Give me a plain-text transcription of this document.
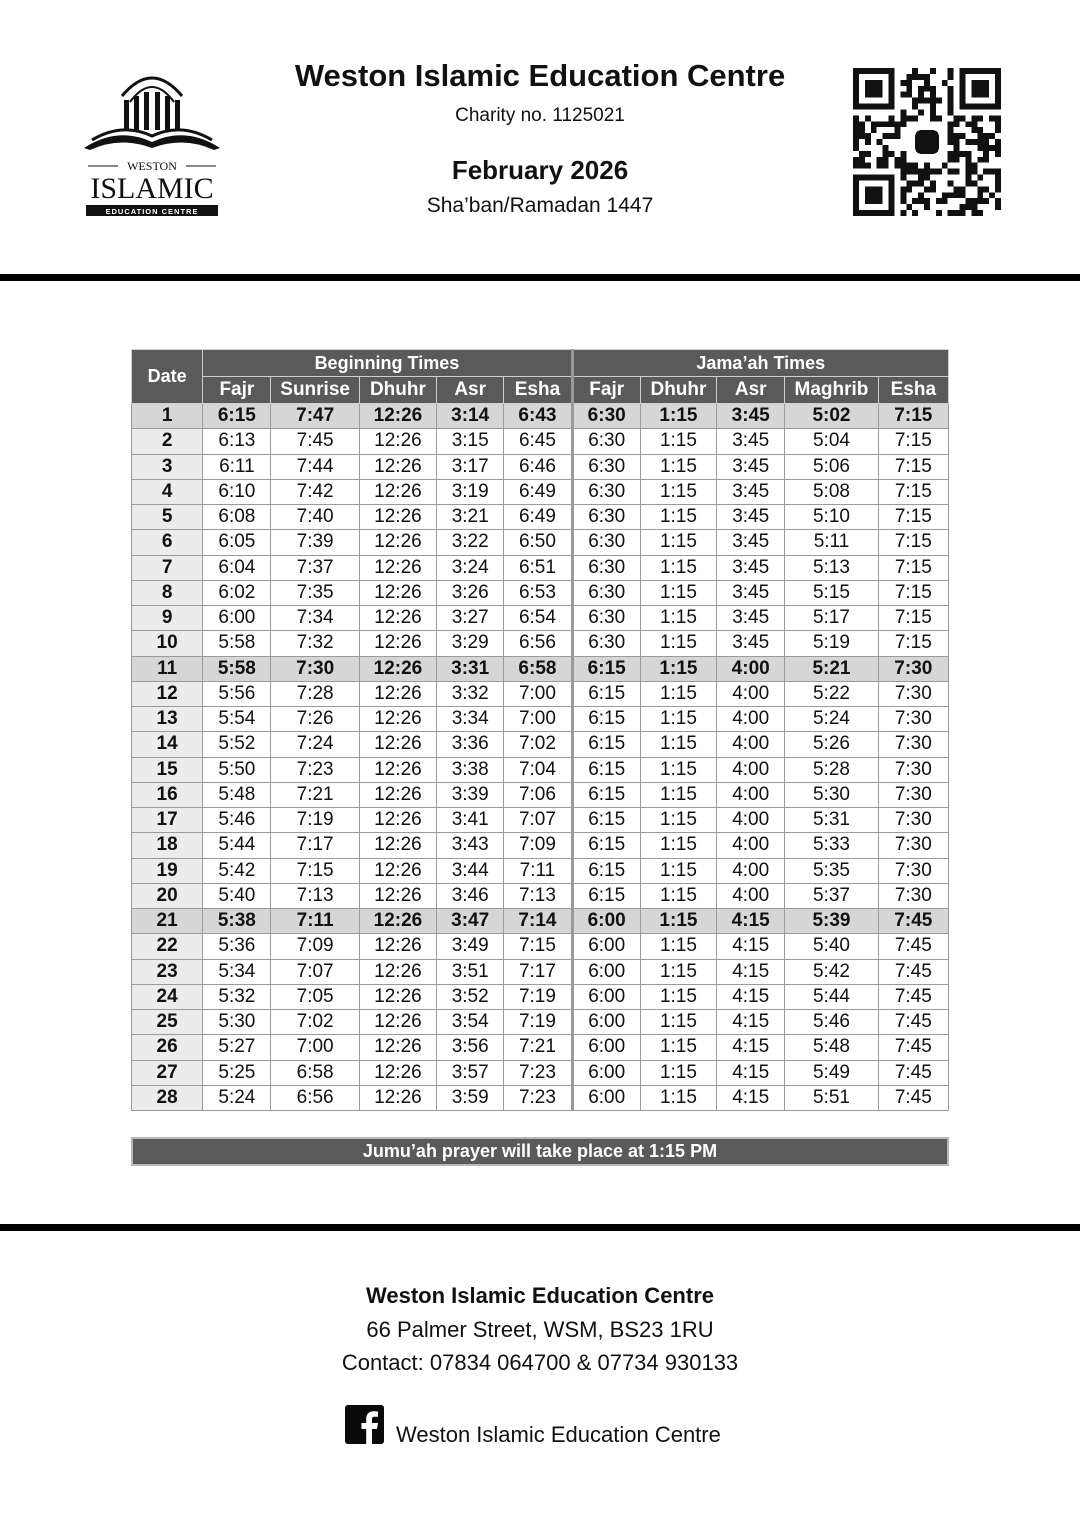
WESTON
ISLAMIC
EDUCATION CENTRE
Weston Islamic Education Centre
Charity no. 1125021
February 2026
Sha’ban/Ramadan 1447
Date	Beginning Times					Jama’ah Times				
	Fajr	Sunrise	Dhuhr	Asr	Esha	Fajr	Dhuhr	Asr	Maghrib	Esha
1	6:15	7:47	12:26	3:14	6:43	6:30	1:15	3:45	5:02	7:15
2	6:13	7:45	12:26	3:15	6:45	6:30	1:15	3:45	5:04	7:15
3	6:11	7:44	12:26	3:17	6:46	6:30	1:15	3:45	5:06	7:15
4	6:10	7:42	12:26	3:19	6:49	6:30	1:15	3:45	5:08	7:15
5	6:08	7:40	12:26	3:21	6:49	6:30	1:15	3:45	5:10	7:15
6	6:05	7:39	12:26	3:22	6:50	6:30	1:15	3:45	5:11	7:15
7	6:04	7:37	12:26	3:24	6:51	6:30	1:15	3:45	5:13	7:15
8	6:02	7:35	12:26	3:26	6:53	6:30	1:15	3:45	5:15	7:15
9	6:00	7:34	12:26	3:27	6:54	6:30	1:15	3:45	5:17	7:15
10	5:58	7:32	12:26	3:29	6:56	6:30	1:15	3:45	5:19	7:15
11	5:58	7:30	12:26	3:31	6:58	6:15	1:15	4:00	5:21	7:30
12	5:56	7:28	12:26	3:32	7:00	6:15	1:15	4:00	5:22	7:30
13	5:54	7:26	12:26	3:34	7:00	6:15	1:15	4:00	5:24	7:30
14	5:52	7:24	12:26	3:36	7:02	6:15	1:15	4:00	5:26	7:30
15	5:50	7:23	12:26	3:38	7:04	6:15	1:15	4:00	5:28	7:30
16	5:48	7:21	12:26	3:39	7:06	6:15	1:15	4:00	5:30	7:30
17	5:46	7:19	12:26	3:41	7:07	6:15	1:15	4:00	5:31	7:30
18	5:44	7:17	12:26	3:43	7:09	6:15	1:15	4:00	5:33	7:30
19	5:42	7:15	12:26	3:44	7:11	6:15	1:15	4:00	5:35	7:30
20	5:40	7:13	12:26	3:46	7:13	6:15	1:15	4:00	5:37	7:30
21	5:38	7:11	12:26	3:47	7:14	6:00	1:15	4:15	5:39	7:45
22	5:36	7:09	12:26	3:49	7:15	6:00	1:15	4:15	5:40	7:45
23	5:34	7:07	12:26	3:51	7:17	6:00	1:15	4:15	5:42	7:45
24	5:32	7:05	12:26	3:52	7:19	6:00	1:15	4:15	5:44	7:45
25	5:30	7:02	12:26	3:54	7:19	6:00	1:15	4:15	5:46	7:45
26	5:27	7:00	12:26	3:56	7:21	6:00	1:15	4:15	5:48	7:45
27	5:25	6:58	12:26	3:57	7:23	6:00	1:15	4:15	5:49	7:45
28	5:24	6:56	12:26	3:59	7:23	6:00	1:15	4:15	5:51	7:45
Jumu’ah prayer will take place at 1:15 PM
Weston Islamic Education Centre
66 Palmer Street, WSM, BS23 1RU
Contact: 07834 064700 & 07734 930133
Weston Islamic Education Centre
